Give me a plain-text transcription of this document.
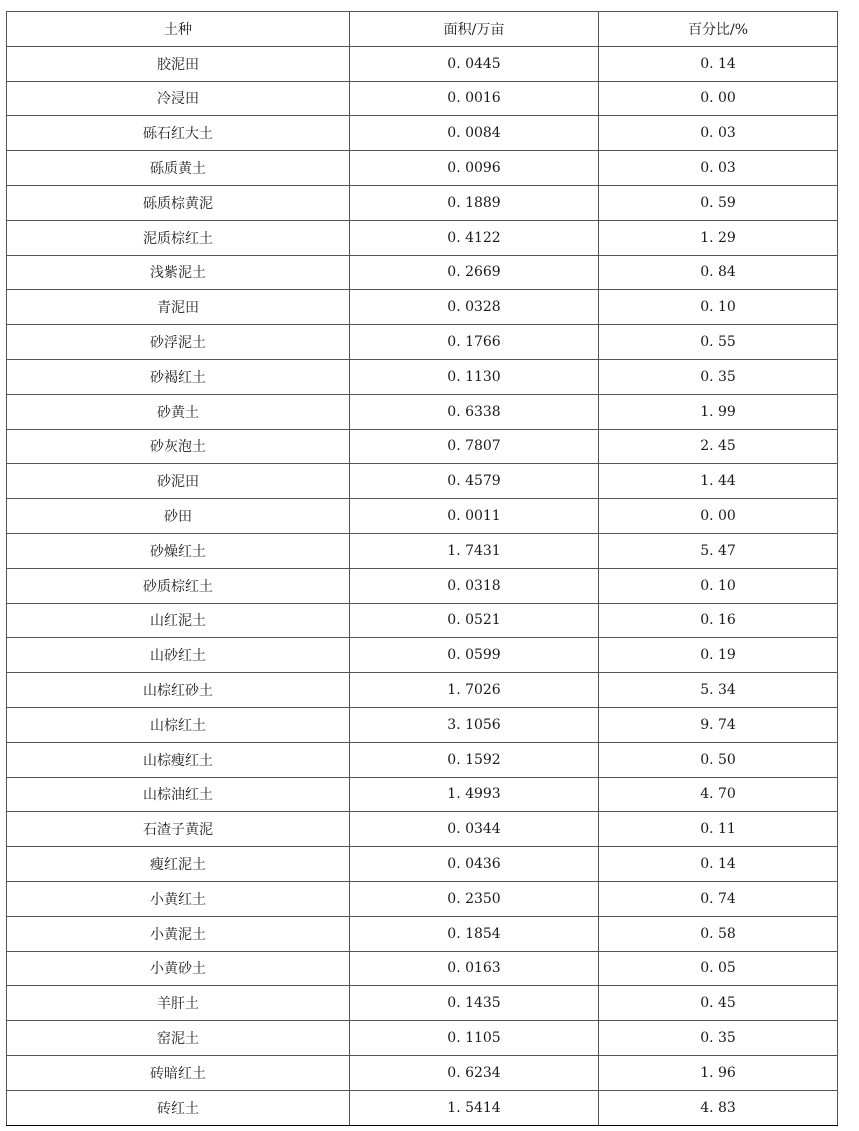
土种	面积/万亩	百分比/%
胶泥田	0. 0445	0. 14
冷浸田	0. 0016	0. 00
砾石红大土	0. 0084	0. 03
砾质黄土	0. 0096	0. 03
砾质棕黄泥	0. 1889	0. 59
泥质棕红土	0. 4122	1. 29
浅紫泥土	0. 2669	0. 84
青泥田	0. 0328	0. 10
砂浮泥土	0. 1766	0. 55
砂褐红土	0. 1130	0. 35
砂黄土	0. 6338	1. 99
砂灰泡土	0. 7807	2. 45
砂泥田	0. 4579	1. 44
砂田	0. 0011	0. 00
砂燥红土	1. 7431	5. 47
砂质棕红土	0. 0318	0. 10
山红泥土	0. 0521	0. 16
山砂红土	0. 0599	0. 19
山棕红砂土	1. 7026	5. 34
山棕红土	3. 1056	9. 74
山棕瘦红土	0. 1592	0. 50
山棕油红土	1. 4993	4. 70
石渣子黄泥	0. 0344	0. 11
瘦红泥土	0. 0436	0. 14
小黄红土	0. 2350	0. 74
小黄泥土	0. 1854	0. 58
小黄砂土	0. 0163	0. 05
羊肝土	0. 1435	0. 45
窑泥土	0. 1105	0. 35
砖暗红土	0. 6234	1. 96
砖红土	1. 5414	4. 83
